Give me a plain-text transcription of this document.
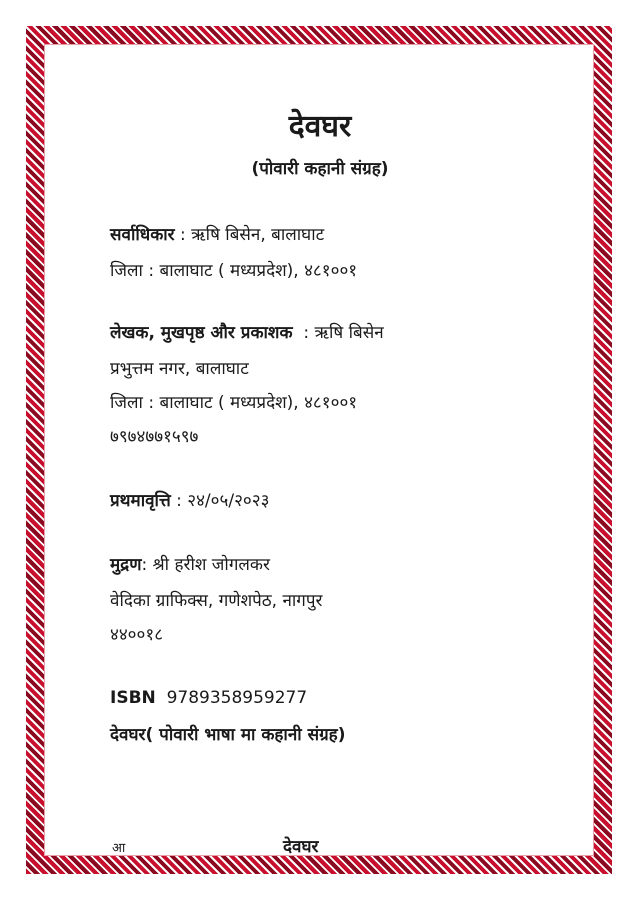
देवघर
(पोवारी कहानी संग्रह)
सर्वाधिकार : ऋषि बिसेन, बालाघाट
जिला : बालाघाट ( मध्यप्रदेश), ४८१००१
लेखक, मुखपृष्ठ और प्रकाशक  : ऋषि बिसेन
प्रभुत्तम नगर, बालाघाट
जिला : बालाघाट ( मध्यप्रदेश), ४८१००१
७९७४७७१५९७
प्रथमावृत्ति : २४/०५/२०२३
मुद्रण: श्री हरीश जोगलकर
वेदिका ग्राफिक्स, गणेशपेठ, नागपुर
४४००१८
ISBN  9789358959277
देवघर( पोवारी भाषा मा कहानी संग्रह)
आ	देवघर
